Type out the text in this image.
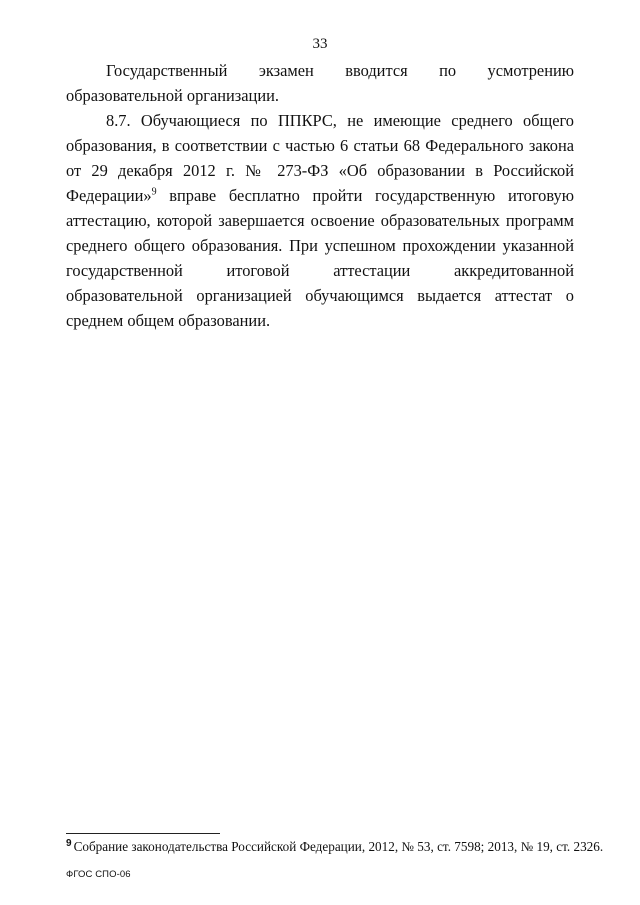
33

Государственный экзамен вводится по усмотрению образовательной организации.

8.7. Обучающиеся по ППКРС, не имеющие среднего общего образования, в соответствии с частью 6 статьи 68 Федерального закона от 29 декабря 2012 г. № 273-ФЗ «Об образовании в Российской Федерации»$^9$ вправе бесплатно пройти государственную итоговую аттестацию, которой завершается освоение образовательных программ среднего общего образования. При успешном прохождении указанной государственной итоговой аттестации аккредитованной образовательной организацией обучающимся выдается аттестат о среднем общем образовании.

$^9$ Собрание законодательства Российской Федерации, 2012, № 53, ст. 7598; 2013, № 19, ст. 2326.
ФГОС СПО-06
